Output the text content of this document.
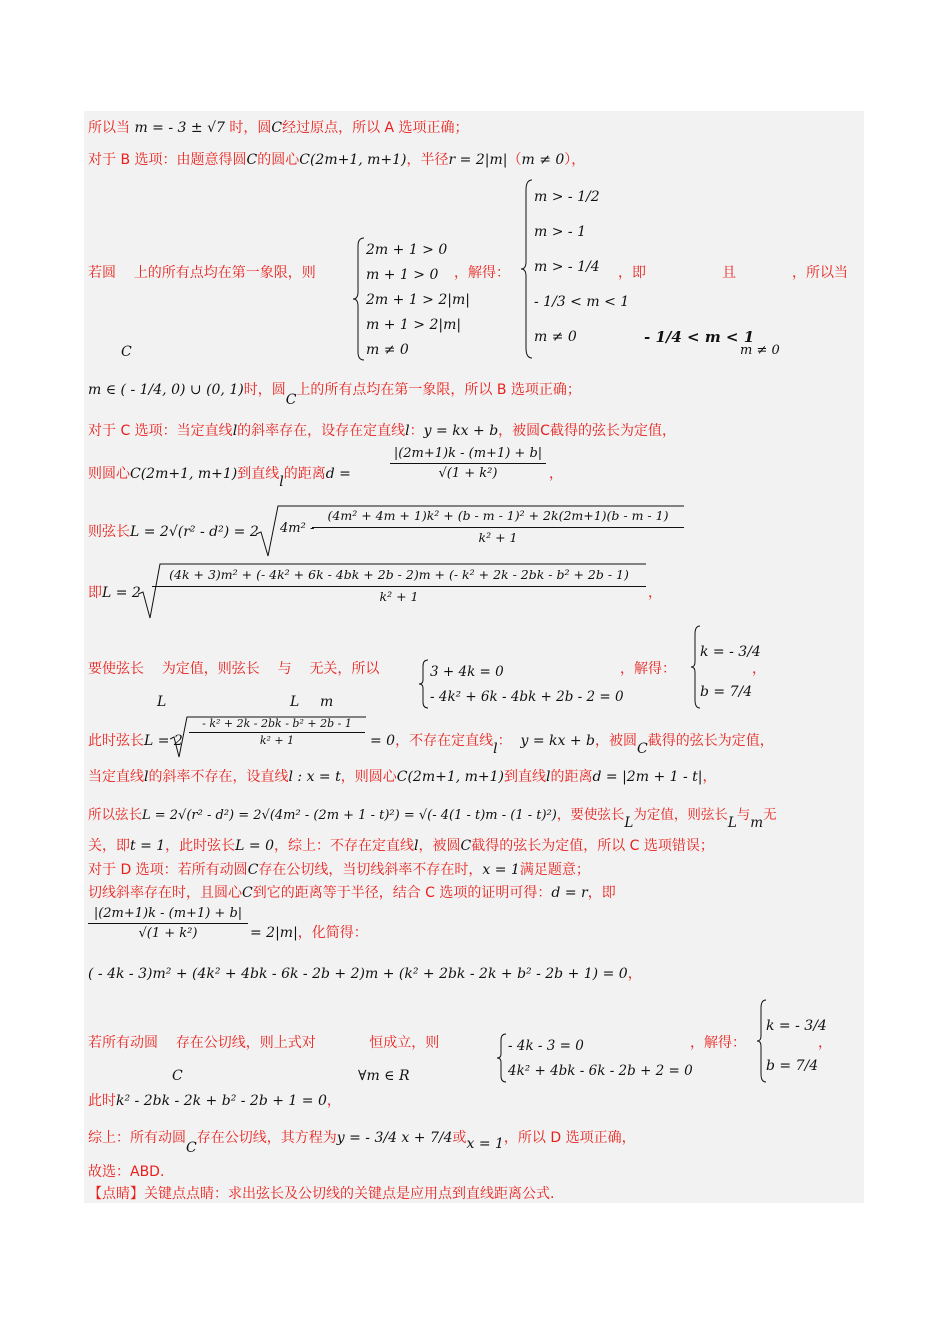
所以当 m = - 3 ± √7 时，圆C经过原点，所以 A 选项正确；
对于 B 选项：由题意得圆C的圆心C(2m+1, m+1)，半径r = 2|m|（m ≠ 0），
若圆 上的所有点均在第一象限，则
2m + 1 > 0
m + 1 > 0
2m + 1 > 2|m|
m + 1 > 2|m|
m ≠ 0
，解得：
m > - 1/2
m > - 1
m > - 1/4
- 1/3 < m < 1
m ≠ 0
，即	且	，所以当
- 1/4 < m < 1
m ≠ 0
C
m ∈ ( - 1/4, 0) ∪ (0, 1)时，圆C上的所有点均在第一象限，所以 B 选项正确；
对于 C 选项：当定直线l的斜率存在，设存在定直线l：y = kx + b，被圆C截得的弦长为定值，
则圆心C(2m+1, m+1)到直线l的距离d =	$\frac{|(2m+1)k - (m+1) + b|}{\text{√(1 + k²)}}$ ，
则弦长L = 2√(r² - d²) = 2 4m² -
$\frac{\text{(4m² + 4m + 1)k² + (b - m - 1)² + 2k(2m+1)(b - m - 1)}}{\text{k² + 1}}$
即L = 2
(4k + 3)m² + (- 4k² + 6k - 4bk + 2b - 2)m + (- k² + 2k - 2bk - b² + 2b - 1)
k² + 1	，
要使弦长 为定值，则弦长 与 无关，所以	3 + 4k = 0
- 4k² + 6k - 4bk + 2b - 2 = 0
，解得：
k = - 3/4
b = 7/4
，
L	L m
此时弦长$L = 2 \frac{\text{- k² + 2k - 2bk - b² + 2b - 1}}{\text{k² + 1}} = 0$，不存在定直线l： y = kx + b，被圆C截得的弦长为定值，
当定直线l的斜率不存在，设直线l : x = t，则圆心C(2m+1, m+1)到直线l的距离d = |2m + 1 - t|，
所以弦长L = 2√(r² - d²) = 2√(4m² - (2m + 1 - t)²) = √(- 4(1 - t)m - (1 - t)²)，要使弦长L为定值，则弦长L与m无
关，即t = 1，此时弦长L = 0，综上：不存在定直线l，被圆C截得的弦长为定值，所以 C 选项错误；
对于 D 选项：若所有动圆C存在公切线，当切线斜率不存在时，x = 1满足题意；
切线斜率存在时，且圆心C到它的距离等于半径，结合 C 选项的证明可得：d = r，即
$\frac{|(2m+1)k - (m+1) + b|}{\text{√(1 + k²)}} = 2|m|$，化简得：
( - 4k - 3)m² + (4k² + 4bk - 6k - 2b + 2)m + (k² + 2bk - 2k + b² - 2b + 1) = 0，
若所有动圆 存在公切线，则上式对	恒成立，则	- 4k - 3 = 0
4k² + 4bk - 6k - 2b + 2 = 0
，解得：
k = - 3/4
b = 7/4
，
C	∀m ∈ R
此时k² - 2bk - 2k + b² - 2b + 1 = 0，
综上：所有动圆C存在公切线，其方程为y = - 3/4 x + 7/4或x = 1，所以 D 选项正确，
故选：ABD.
【点睛】关键点点睛：求出弦长及公切线的关键点是应用点到直线距离公式.
